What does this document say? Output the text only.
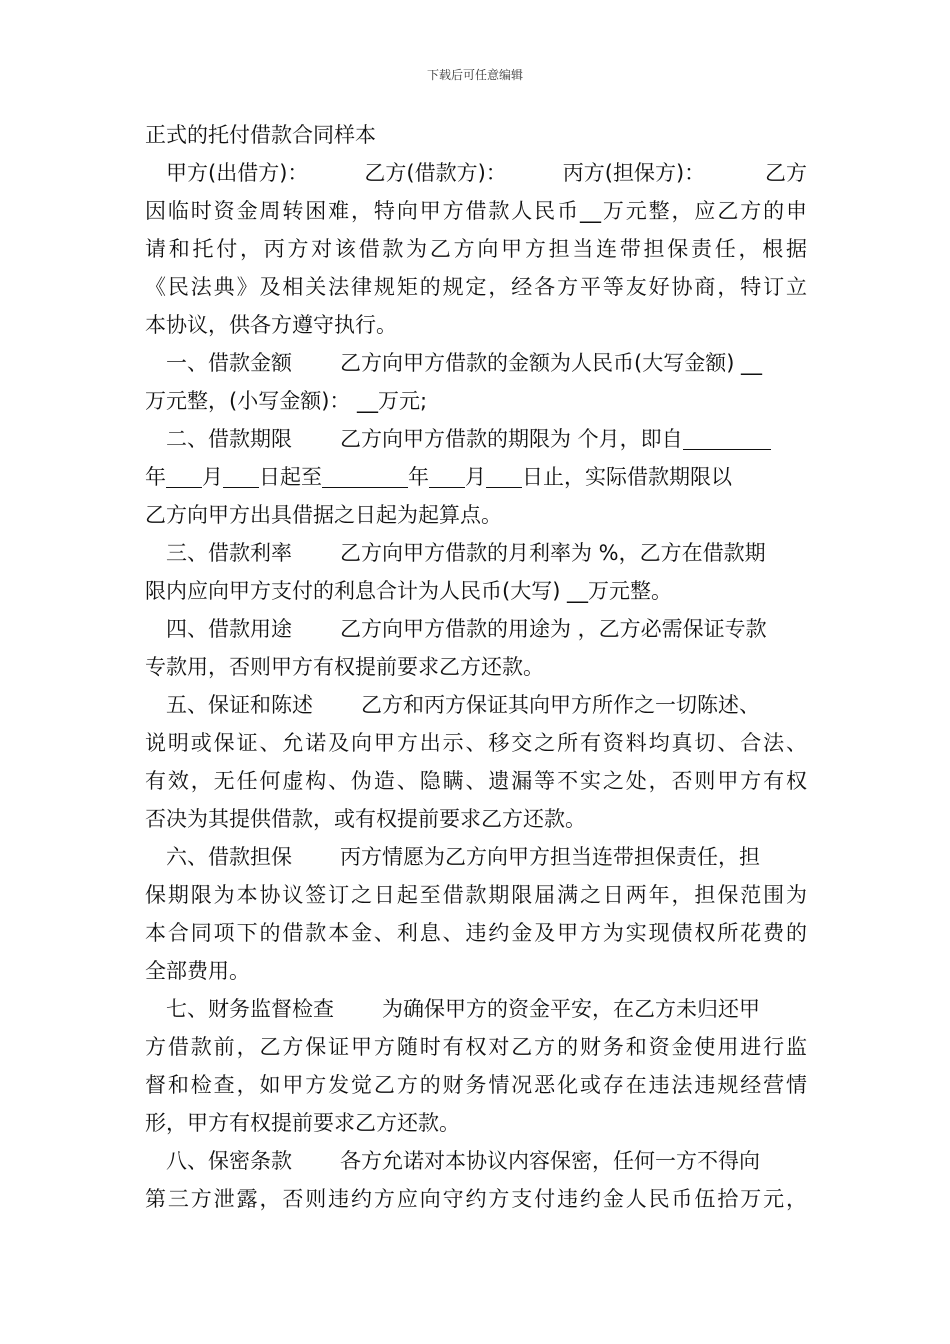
下载后可任意编辑
正式的托付借款合同样本
甲方(出借方)：	乙方(借款方)：	丙方(担保方)：	乙方
因临时资金周转困难，特向甲方借款人民币__万元整，应乙方的申
请和托付，丙方对该借款为乙方向甲方担当连带担保责任，根据
《民法典》及相关法律规矩的规定，经各方平等友好协商，特订立
本协议，供各方遵守执行。
一、借款金额 乙方向甲方借款的金额为人民币(大写金额) __
万元整，(小写金额)： __万元;
二、借款期限 乙方向甲方借款的期限为 个月，即自
年 月 日起至	年 月 日止，实际借款期限以
乙方向甲方出具借据之日起为起算点。
三、借款利率 乙方向甲方借款的月利率为 %，乙方在借款期
限内应向甲方支付的利息合计为人民币(大写) __万元整。
四、借款用途 乙方向甲方借款的用途为 ，乙方必需保证专款
专款用，否则甲方有权提前要求乙方还款。
五、保证和陈述 乙方和丙方保证其向甲方所作之一切陈述、
说明或保证、允诺及向甲方出示、移交之所有资料均真切、合法、
有效，无任何虚构、伪造、隐瞒、遗漏等不实之处，否则甲方有权
否决为其提供借款，或有权提前要求乙方还款。
六、借款担保 丙方情愿为乙方向甲方担当连带担保责任，担
保期限为本协议签订之日起至借款期限届满之日两年，担保范围为
本合同项下的借款本金、利息、违约金及甲方为实现债权所花费的
全部费用。
七、财务监督检查 为确保甲方的资金平安，在乙方未归还甲
方借款前，乙方保证甲方随时有权对乙方的财务和资金使用进行监
督和检查，如甲方发觉乙方的财务情况恶化或存在违法违规经营情
形，甲方有权提前要求乙方还款。
八、保密条款 各方允诺对本协议内容保密，任何一方不得向
第三方泄露，否则违约方应向守约方支付违约金人民币伍拾万元，
